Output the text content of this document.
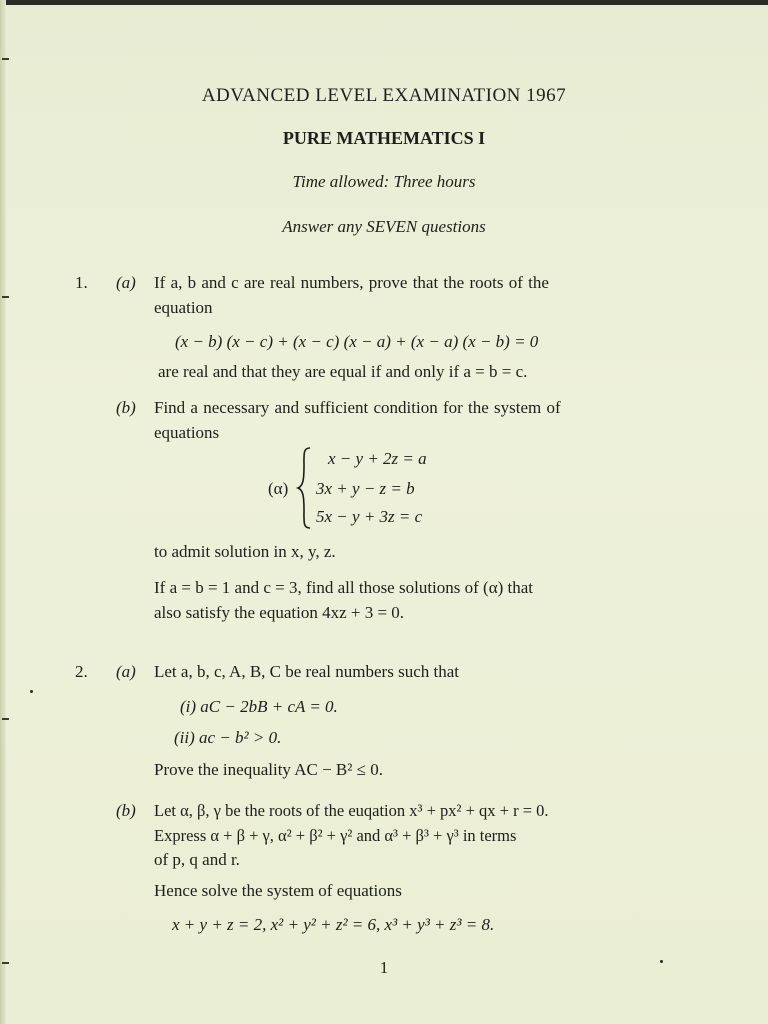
ADVANCED LEVEL EXAMINATION 1967
PURE MATHEMATICS I
Time allowed: Three hours
Answer any SEVEN questions
1. (a) If a, b and c are real numbers, prove that the roots of the
equation
(x − b) (x − c) + (x − c) (x − a) + (x − a) (x − b) = 0
are real and that they are equal if and only if a = b = c.
(b) Find a necessary and sufficient condition for the system of
equations
(α)
x − y + 2z = a
3x + y − z = b
5x − y + 3z = c
to admit solution in x, y, z.
If a = b = 1 and c = 3, find all those solutions of (α) that
also satisfy the equation 4xz + 3 = 0.
2. (a) Let a, b, c, A, B, C be real numbers such that
(i) aC − 2bB + cA = 0.
(ii) ac − b² > 0.
Prove the inequality AC − B² ≤ 0.
(b) Let α, β, γ be the roots of the euqation x³ + px² + qx + r = 0.
Express α + β + γ, α² + β² + γ² and α³ + β³ + γ³ in terms
of p, q and r.
Hence solve the system of equations
x + y + z = 2, x² + y² + z² = 6, x³ + y³ + z³ = 8.
1
